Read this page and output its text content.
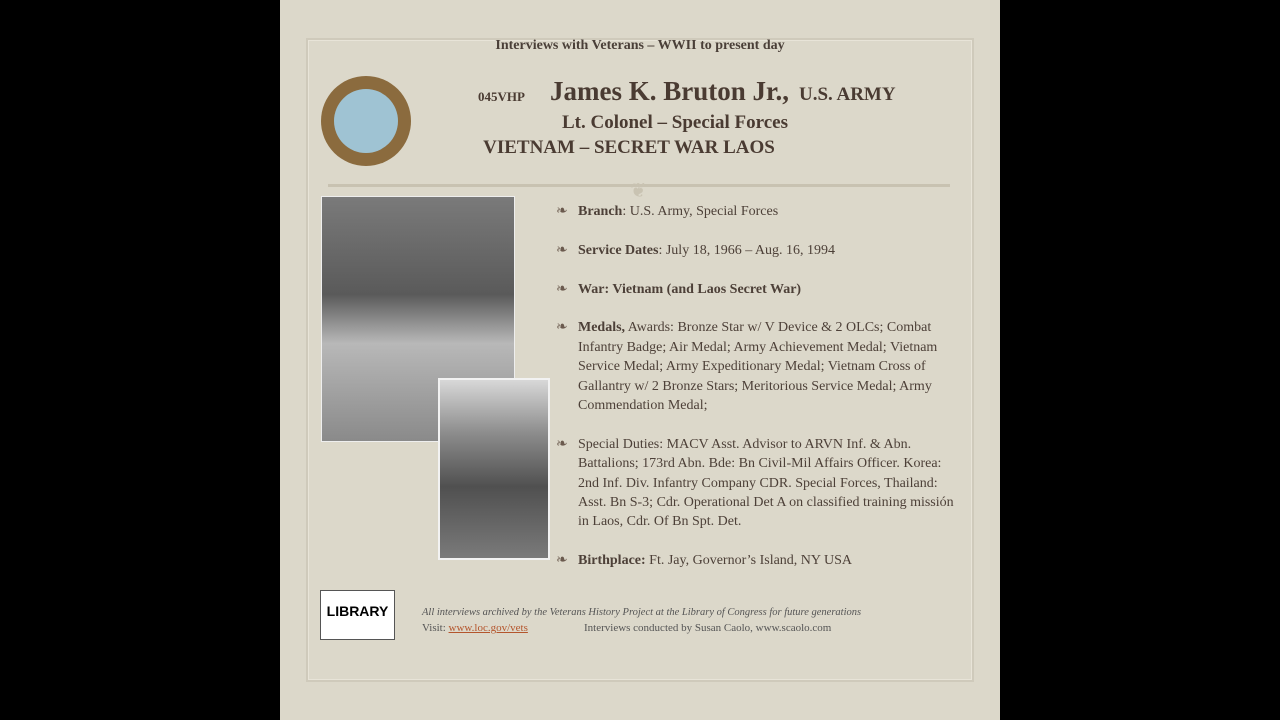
Interviews with Veterans – WWII to present day
045VHP James K. Bruton Jr., U.S. ARMY
Lt. Colonel – Special Forces
VIETNAM – SECRET WAR LAOS
❦
❧ Branch: U.S. Army, Special Forces
❧ Service Dates: July 18, 1966 – Aug. 16, 1994
❧ War: Vietnam (and Laos Secret War)
❧ Medals, Awards: Bronze Star w/ V Device & 2 OLCs; Combat Infantry Badge; Air Medal; Army Achievement Medal; Vietnam Service Medal; Army Expeditionary Medal; Vietnam Cross of Gallantry w/ 2 Bronze Stars; Meritorious Service Medal; Army Commendation Medal;
❧ Special Duties: MACV Asst. Advisor to ARVN Inf. & Abn. Battalions; 173rd Abn. Bde: Bn Civil-Mil Affairs Officer. Korea: 2nd Inf. Div. Infantry Company CDR. Special Forces, Thailand: Asst. Bn S-3; Cdr. Operational Det A on classified training missión in Laos, Cdr. Of Bn Spt. Det.
❧ Birthplace: Ft. Jay, Governor’s Island, NY USA
LIBRARY	All interviews archived by the Veterans History Project at the Library of Congress for future generations
Visit: www.loc.gov/vets	Interviews conducted by Susan Caolo, www.scaolo.com
